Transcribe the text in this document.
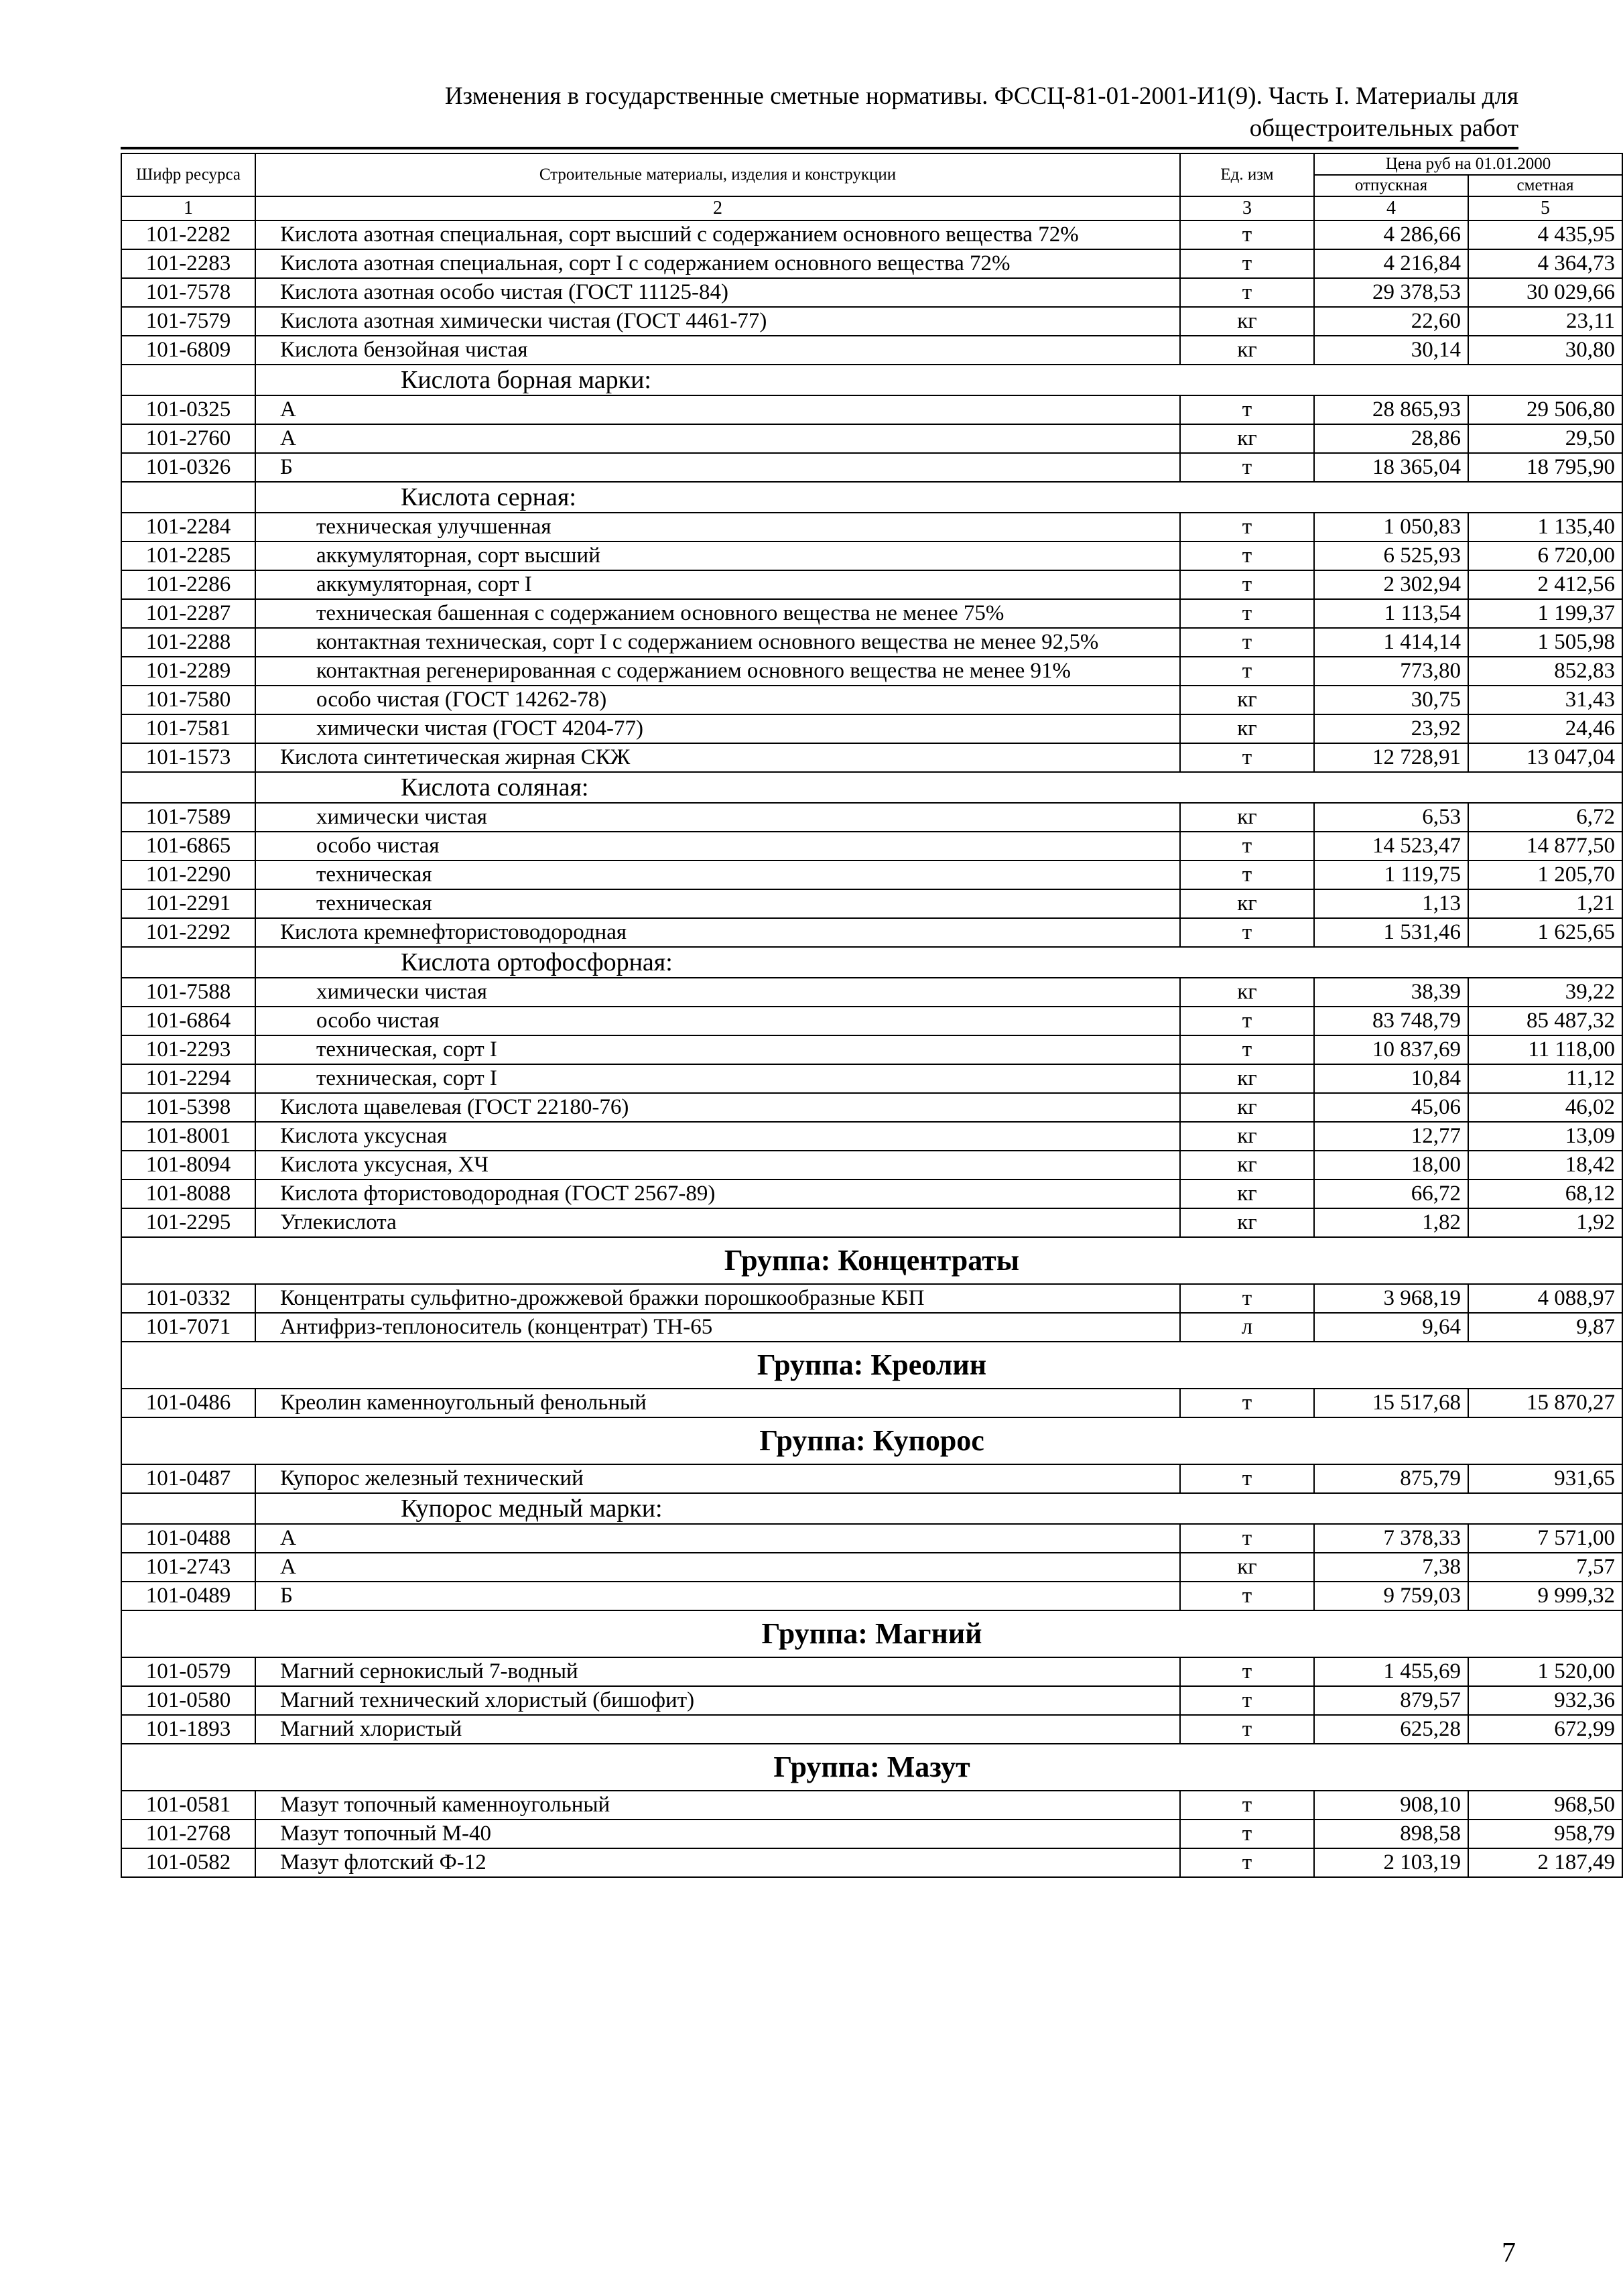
Изменения в государственные сметные нормативы. ФССЦ-81-01-2001-И1(9). Часть I. Материалы для
общестроительных работ
Шифр ресурса	Строительные материалы, изделия и конструкции	Ед. изм	Цена руб на 01.01.2000	
			отпускная	сметная
1	2	3	4	5
101-2282	Кислота азотная специальная, сорт высший с содержанием основного вещества 72%	т	4 286,66	4 435,95
101-2283	Кислота азотная специальная, сорт I с содержанием основного вещества 72%	т	4 216,84	4 364,73
101-7578	Кислота азотная особо чистая (ГОСТ 11125-84)	т	29 378,53	30 029,66
101-7579	Кислота азотная химически чистая (ГОСТ 4461-77)	кг	22,60	23,11
101-6809	Кислота бензойная чистая	кг	30,14	30,80
	Кислота борная марки:			
101-0325	А	т	28 865,93	29 506,80
101-2760	А	кг	28,86	29,50
101-0326	Б	т	18 365,04	18 795,90
	Кислота серная:			
101-2284	техническая улучшенная	т	1 050,83	1 135,40
101-2285	аккумуляторная, сорт высший	т	6 525,93	6 720,00
101-2286	аккумуляторная, сорт I	т	2 302,94	2 412,56
101-2287	техническая башенная с содержанием основного вещества не менее 75%	т	1 113,54	1 199,37
101-2288	контактная техническая, сорт I с содержанием основного вещества не менее 92,5%	т	1 414,14	1 505,98
101-2289	контактная регенерированная с содержанием основного вещества не менее 91%	т	773,80	852,83
101-7580	особо чистая (ГОСТ 14262-78)	кг	30,75	31,43
101-7581	химически чистая (ГОСТ 4204-77)	кг	23,92	24,46
101-1573	Кислота синтетическая жирная СКЖ	т	12 728,91	13 047,04
	Кислота соляная:			
101-7589	химически чистая	кг	6,53	6,72
101-6865	особо чистая	т	14 523,47	14 877,50
101-2290	техническая	т	1 119,75	1 205,70
101-2291	техническая	кг	1,13	1,21
101-2292	Кислота кремнефтористоводородная	т	1 531,46	1 625,65
	Кислота ортофосфорная:			
101-7588	химически чистая	кг	38,39	39,22
101-6864	особо чистая	т	83 748,79	85 487,32
101-2293	техническая, сорт I	т	10 837,69	11 118,00
101-2294	техническая, сорт I	кг	10,84	11,12
101-5398	Кислота щавелевая (ГОСТ 22180-76)	кг	45,06	46,02
101-8001	Кислота уксусная	кг	12,77	13,09
101-8094	Кислота уксусная, ХЧ	кг	18,00	18,42
101-8088	Кислота фтористоводородная (ГОСТ 2567-89)	кг	66,72	68,12
101-2295	Углекислота	кг	1,82	1,92
Группа: Концентраты				
101-0332	Концентраты сульфитно-дрожжевой бражки порошкообразные КБП	т	3 968,19	4 088,97
101-7071	Антифриз-теплоноситель (концентрат) ТН-65	л	9,64	9,87
Группа: Креолин				
101-0486	Креолин каменноугольный фенольный	т	15 517,68	15 870,27
Группа: Купорос				
101-0487	Купорос железный технический	т	875,79	931,65
	Купорос медный марки:			
101-0488	А	т	7 378,33	7 571,00
101-2743	А	кг	7,38	7,57
101-0489	Б	т	9 759,03	9 999,32
Группа: Магний				
101-0579	Магний сернокислый 7-водный	т	1 455,69	1 520,00
101-0580	Магний технический хлористый (бишофит)	т	879,57	932,36
101-1893	Магний хлористый	т	625,28	672,99
Группа: Мазут				
101-0581	Мазут топочный каменноугольный	т	908,10	968,50
101-2768	Мазут топочный М-40	т	898,58	958,79
101-0582	Мазут флотский Ф-12	т	2 103,19	2 187,49
7
